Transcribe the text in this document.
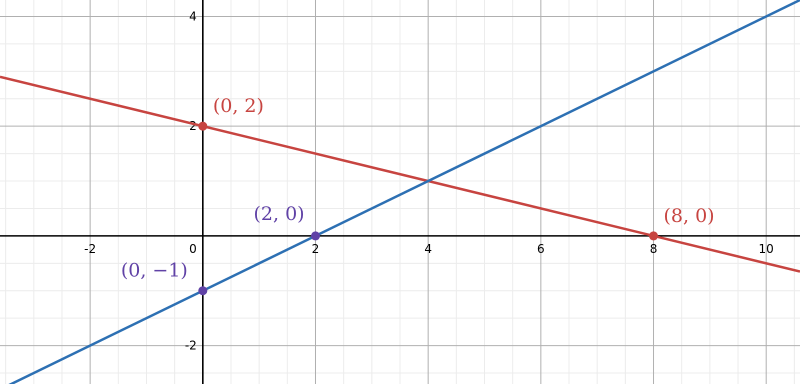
-2	0	2	4	6	8	10
-2
2
4
(0, 2)
(8, 0)
(0, −1)
(2, 0)
